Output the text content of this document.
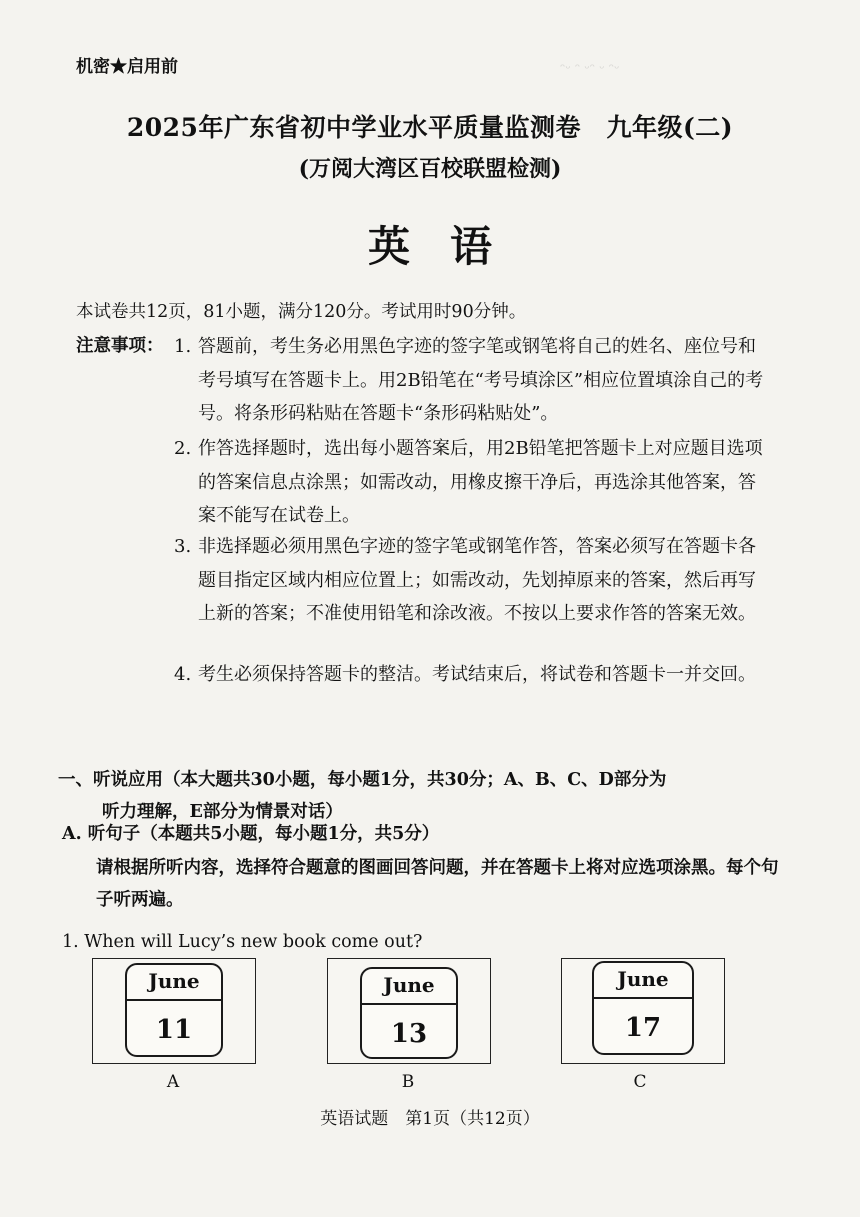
ᵔᵕ ᵔ ᵕᵔ ᵕ ᵔᵕ
机密★启用前
2025年广东省初中学业水平质量监测卷　九年级(二)
(万阅大湾区百校联盟检测)
英语
本试卷共12页，81小题，满分120分。考试用时90分钟。
注意事项： 1. 答题前，考生务必用黑色字迹的签字笔或钢笔将自己的姓名、座位号和考号填写在答题卡上。用2B铅笔在“考号填涂区”相应位置填涂自己的考号。将条形码粘贴在答题卡“条形码粘贴处”。
2. 作答选择题时，选出每小题答案后，用2B铅笔把答题卡上对应题目选项的答案信息点涂黑；如需改动，用橡皮擦干净后，再选涂其他答案，答案不能写在试卷上。
3. 非选择题必须用黑色字迹的签字笔或钢笔作答，答案必须写在答题卡各题目指定区域内相应位置上；如需改动，先划掉原来的答案，然后再写上新的答案；不准使用铅笔和涂改液。不按以上要求作答的答案无效。
4. 考生必须保持答题卡的整洁。考试结束后，将试卷和答题卡一并交回。
一、听说应用（本大题共30小题，每小题1分，共30分；A、B、C、D部分为
听力理解，E部分为情景对话）
A. 听句子（本题共5小题，每小题1分，共5分）
请根据所听内容，选择符合题意的图画回答问题，并在答题卡上将对应选项涂黑。每个句子听两遍。
1. When will Lucy’s new book come out?
June
11
A
June
13
B
June
17
C
英语试题　第1页（共12页）
